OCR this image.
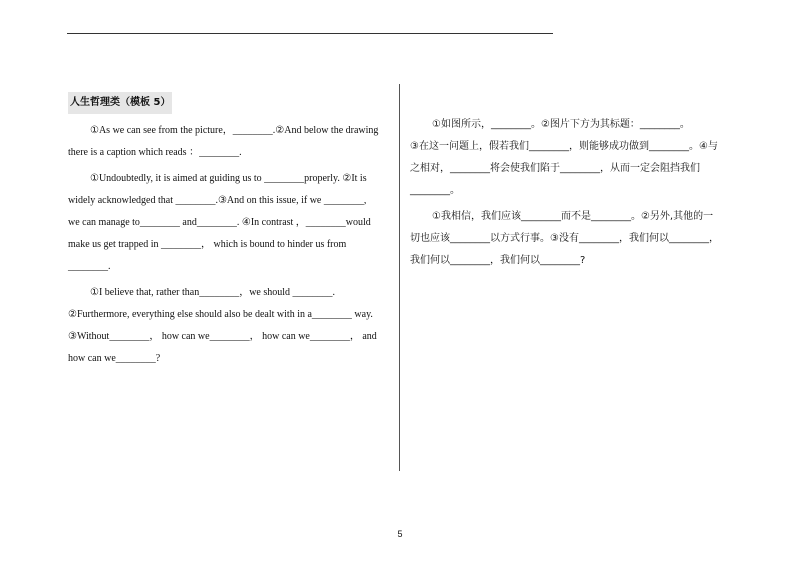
人生哲理类（模板 5）

①As we can see from the picture，________.②And below the drawing

there is a caption which reads ：________.

①Undoubtedly, it is aimed at guiding us to ________properly. ②It is

widely acknowledged that ________.③And on this issue, if we ________,

we can manage to________ and________. ④In contrast ，________would

make us get trapped in ________， which is bound to hinder us from

________.

①I believe that, rather than________，we should ________.

②Furthermore, everything else should also be dealt with in a________ way.

③Without________， how can we________， how can we________， and

how can we________?

①如图所示，________。②图片下方为其标题：________。

③在这一问题上，假若我们________，则能够成功做到________。④与

之相对，________将会使我们陷于________，从而一定会阻挡我们

________。

①我相信，我们应该________而不是________。②另外,其他的一

切也应该________以方式行事。③没有________，我们何以________，

我们何以________，我们何以________?

5
